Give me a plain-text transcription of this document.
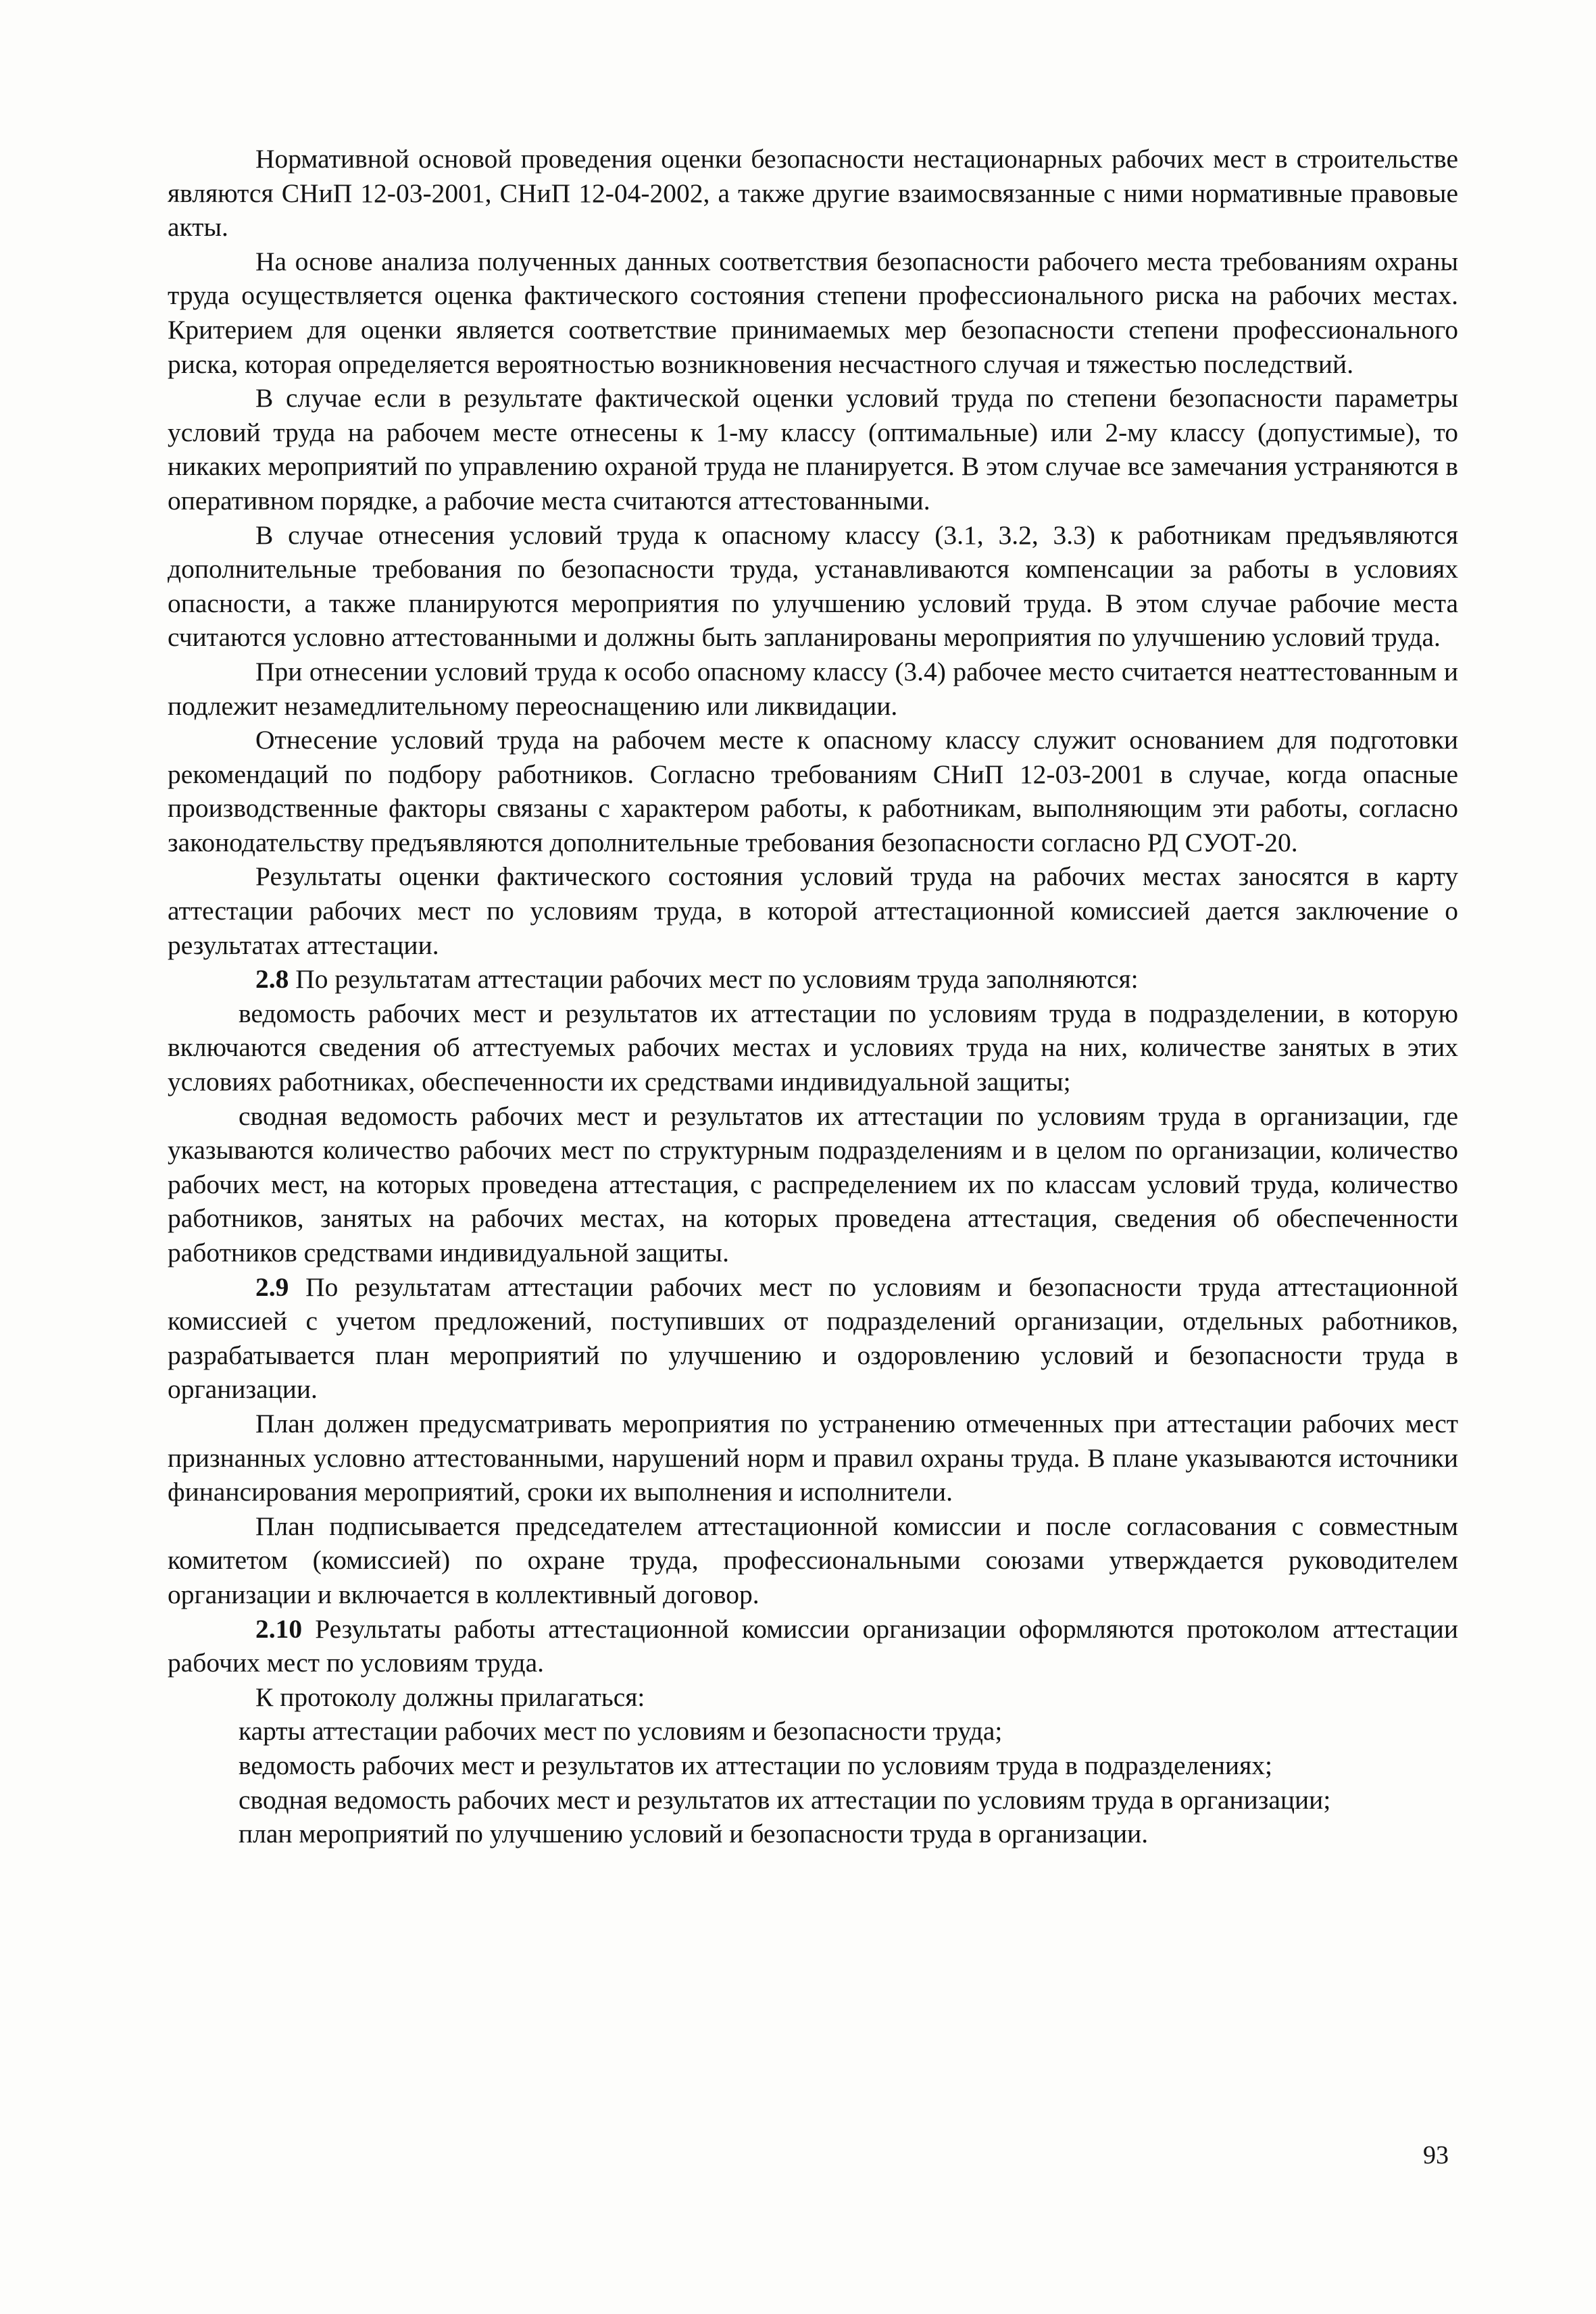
Нормативной основой проведения оценки безопасности нестационарных рабочих мест в строительстве являются СНиП 12-03-2001, СНиП 12-04-2002, а также другие взаимосвязанные с ними нормативные правовые акты.

На основе анализа полученных данных соответствия безопасности рабочего места требованиям охраны труда осуществляется оценка фактического состояния степени профессионального риска на рабочих местах. Критерием для оценки является соответствие принимаемых мер безопасности степени профессионального риска, которая определяется вероятностью возникновения несчастного случая и тяжестью последствий.

В случае если в результате фактической оценки условий труда по степени безопасности параметры условий труда на рабочем месте отнесены к 1-му классу (оптимальные) или 2-му классу (допустимые), то никаких мероприятий по управлению охраной труда не планируется. В этом случае все замечания устраняются в оперативном порядке, а рабочие места считаются аттестованными.

В случае отнесения условий труда к опасному классу (3.1, 3.2, 3.3) к работникам предъявляются дополнительные требования по безопасности труда, устанавливаются компенсации за работы в условиях опасности, а также планируются мероприятия по улучшению условий труда. В этом случае рабочие места считаются условно аттестованными и должны быть запланированы мероприятия по улучшению условий труда.

При отнесении условий труда к особо опасному классу (3.4) рабочее место считается неаттестованным и подлежит незамедлительному переоснащению или ликвидации.

Отнесение условий труда на рабочем месте к опасному классу служит основанием для подготовки рекомендаций по подбору работников. Согласно требованиям СНиП 12-03-2001 в случае, когда опасные производственные факторы связаны с характером работы, к работникам, выполняющим эти работы, согласно законодательству предъявляются дополнительные требования безопасности согласно РД СУОТ-20.

Результаты оценки фактического состояния условий труда на рабочих местах заносятся в карту аттестации рабочих мест по условиям труда, в которой аттестационной комиссией дается заключение о результатах аттестации.

2.8 По результатам аттестации рабочих мест по условиям труда заполняются:

ведомость рабочих мест и результатов их аттестации по условиям труда в подразделении, в которую включаются сведения об аттестуемых рабочих местах и условиях труда на них, количестве занятых в этих условиях работниках, обеспеченности их средствами индивидуальной защиты;

сводная ведомость рабочих мест и результатов их аттестации по условиям труда в организации, где указываются количество рабочих мест по структурным подразделениям и в целом по организации, количество рабочих мест, на которых проведена аттестация, с распределением их по классам условий труда, количество работников, занятых на рабочих местах, на которых проведена аттестация, сведения об обеспеченности работников средствами индивидуальной защиты.

2.9 По результатам аттестации рабочих мест по условиям и безопасности труда аттестационной комиссией с учетом предложений, поступивших от подразделений организации, отдельных работников, разрабатывается план мероприятий по улучшению и оздоровлению условий и безопасности труда в организации.

План должен предусматривать мероприятия по устранению отмеченных при аттестации рабочих мест признанных условно аттестованными, нарушений норм и правил охраны труда. В плане указываются источники финансирования мероприятий, сроки их выполнения и исполнители.

План подписывается председателем аттестационной комиссии и после согласования с совместным комитетом (комиссией) по охране труда, профессиональными союзами утверждается руководителем организации и включается в коллективный договор.

2.10 Результаты работы аттестационной комиссии организации оформляются протоколом аттестации рабочих мест по условиям труда.

К протоколу должны прилагаться:

карты аттестации рабочих мест по условиям и безопасности труда;

ведомость рабочих мест и результатов их аттестации по условиям труда в подразделениях;

сводная ведомость рабочих мест и результатов их аттестации по условиям труда в организации;

план мероприятий по улучшению условий и безопасности труда в организации.

93
